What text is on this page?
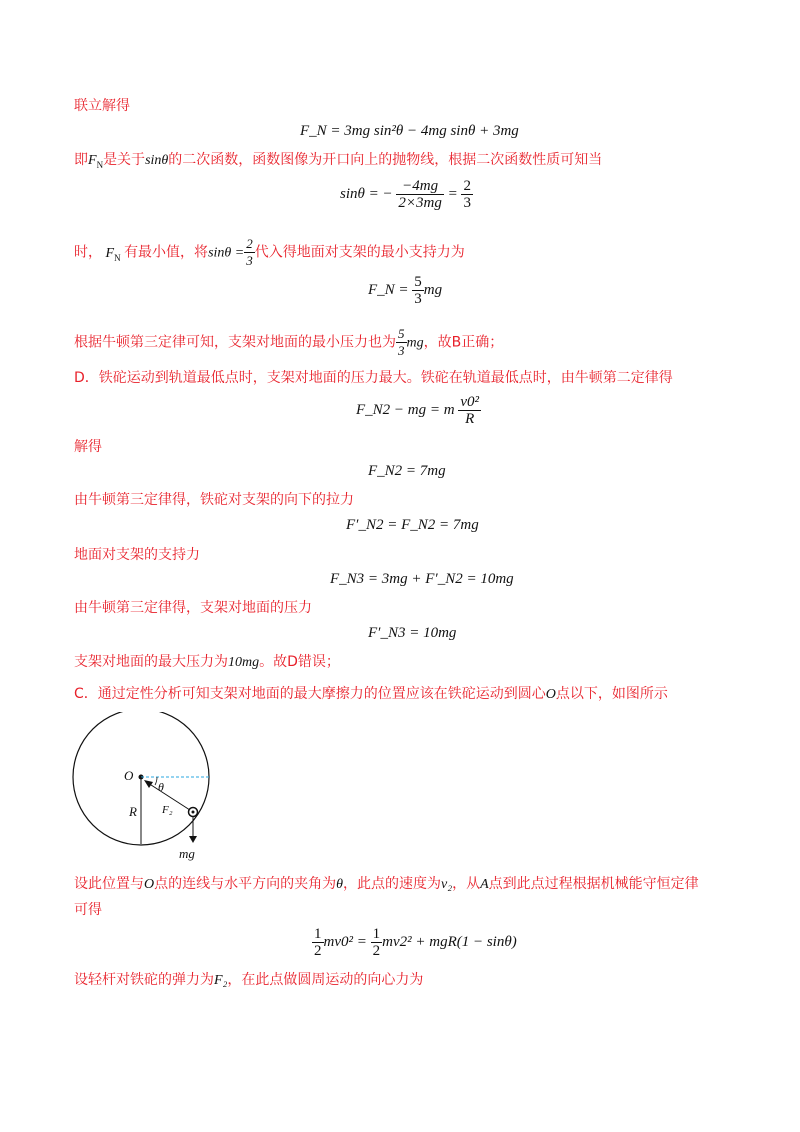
联立解得
F_N = 3mg sin²θ − 4mg sinθ + 3mg
即$F_N$是关于sinθ的二次函数，函数图像为开口向上的抛物线，根据二次函数性质可知当
sinθ = − $\frac{-4mg}{2\times 3mg} = \frac{2}{3}$
时， $F_N$ 有最小值，将$\sin\theta = \frac{2}{3}$ 代入得地面对支架的最小支持力为
F_N = $\frac{5}{3}$ mg
根据牛顿第三定律可知，支架对地面的最小压力也为 $\frac{5}{3}$ mg，故B正确；
D．铁砣运动到轨道最低点时，支架对地面的压力最大。铁砣在轨道最低点时，由牛顿第二定律得
F_N2 − mg = m $\frac{\text{v0²}}{R}$
解得
F_N2 = 7mg
由牛顿第三定律得，铁砣对支架的向下的拉力
F′_N2 = F_N2 = 7mg
地面对支架的支持力
F_N3 = 3mg + F′_N2 = 10mg
由牛顿第三定律得，支架对地面的压力
F′_N3 = 10mg
支架对地面的最大压力为10mg。故D错误；
C．通过定性分析可知支架对地面的最大摩擦力的位置应该在铁砣运动到圆心O点以下，如图所示
O
R
θ
F₂
mg
设此位置与O点的连线与水平方向的夹角为θ，此点的速度为v₂，从A点到此点过程根据机械能守恒定律
可得
$\frac{1}{2} mv0^2 = \frac{1}{2} mv2^2 + mgR(1 - \sin\theta)$
设轻杆对铁砣的弹力为F₂，在此点做圆周运动的向心力为
